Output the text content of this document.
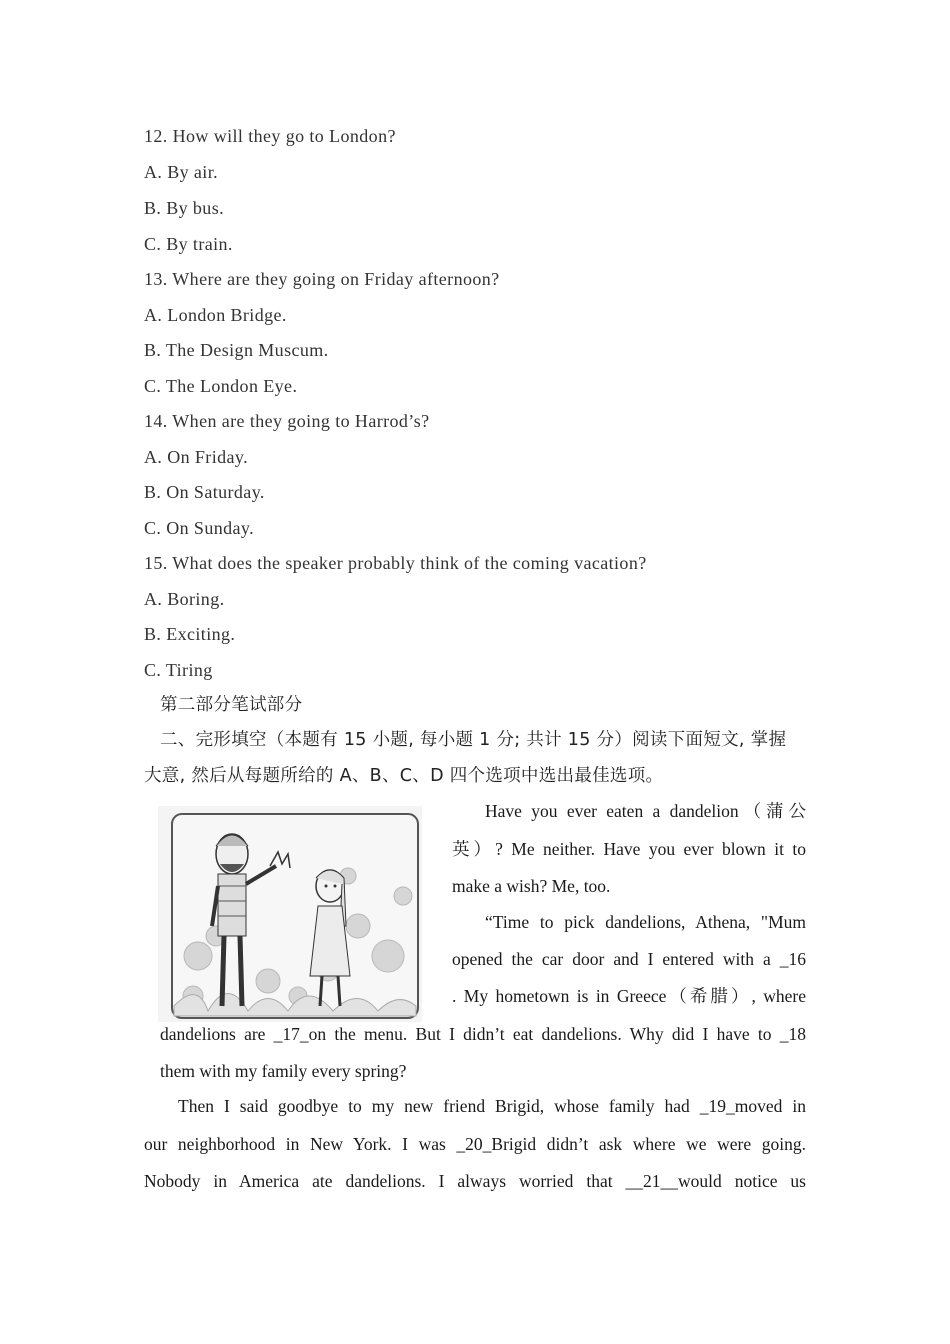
12. How will they go to London?
A. By air.
B. By bus.
C. By train.
13. Where are they going on Friday afternoon?
A. London Bridge.
B. The Design Muscum.
C. The London Eye.
14. When are they going to Harrod’s?
A. On Friday.
B. On Saturday.
C. On Sunday.
15. What does the speaker probably think of the coming vacation?
A. Boring.
B. Exciting.
C. Tiring
第二部分笔试部分
二、完形填空（本题有 15 小题, 每小题 1 分; 共计 15 分）阅读下面短文, 掌握
大意, 然后从每题所给的 A、B、C、D 四个选项中选出最佳选项。
Have you ever eaten a dandelion（蒲公
英）? Me neither. Have you ever blown it to
make a wish? Me, too.
“Time to pick dandelions, Athena, "Mum
opened the car door and I entered with a _16
. My hometown is in Greece（希腊）, where
dandelions are _17_on the menu. But I didn’t eat dandelions. Why did I have to _18
them with my family every spring?
Then I said goodbye to my new friend Brigid, whose family had _19_moved in
our neighborhood in New York. I was _20_Brigid didn’t ask where we were going.
Nobody in America ate dandelions. I always worried that __21__would notice us
